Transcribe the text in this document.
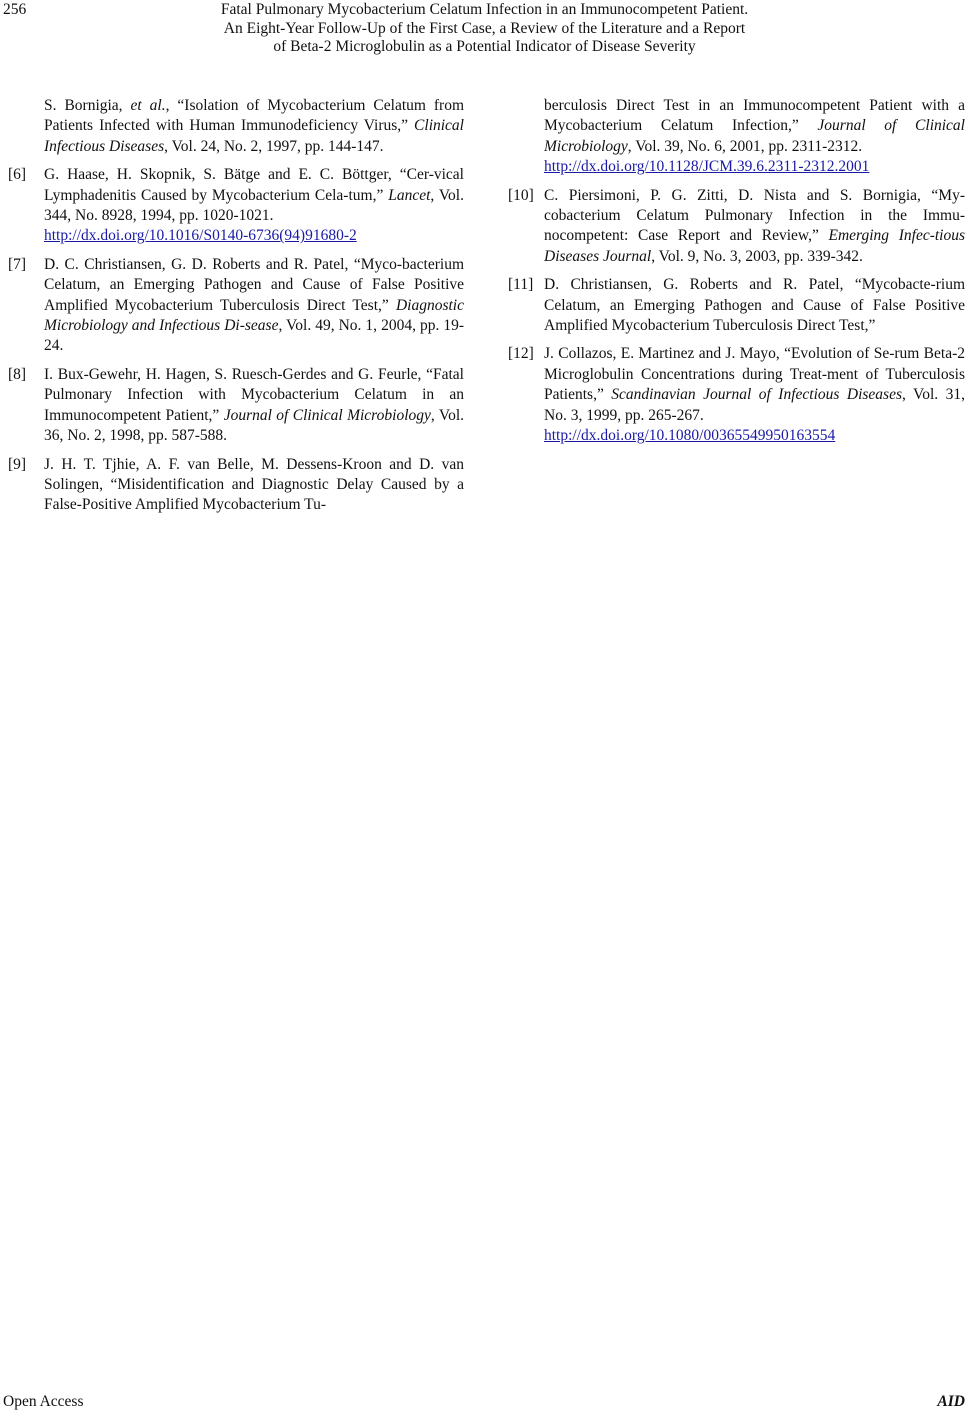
256	Fatal Pulmonary Mycobacterium Celatum Infection in an Immunocompetent Patient.
An Eight-Year Follow-Up of the First Case, a Review of the Literature and a Report
of Beta-2 Microglobulin as a Potential Indicator of Disease Severity
S. Bornigia, et al., “Isolation of Mycobacterium Celatum from Patients Infected with Human Immunodeficiency Virus,” Clinical Infectious Diseases, Vol. 24, No. 2, 1997, pp. 144-147.
[6] G. Haase, H. Skopnik, S. Bätge and E. C. Böttger, “Cer-vical Lymphadenitis Caused by Mycobacterium Cela-tum,” Lancet, Vol. 344, No. 8928, 1994, pp. 1020-1021.
http://dx.doi.org/10.1016/S0140-6736(94)91680-2
[7] D. C. Christiansen, G. D. Roberts and R. Patel, “Myco-bacterium Celatum, an Emerging Pathogen and Cause of False Positive Amplified Mycobacterium Tuberculosis Direct Test,” Diagnostic Microbiology and Infectious Di-sease, Vol. 49, No. 1, 2004, pp. 19-24.
[8] I. Bux-Gewehr, H. Hagen, S. Ruesch-Gerdes and G. Feurle, “Fatal Pulmonary Infection with Mycobacterium Celatum in an Immunocompetent Patient,” Journal of Clinical Microbiology, Vol. 36, No. 2, 1998, pp. 587-588.
[9] J. H. T. Tjhie, A. F. van Belle, M. Dessens-Kroon and D. van Solingen, “Misidentification and Diagnostic Delay Caused by a False-Positive Amplified Mycobacterium Tu-
berculosis Direct Test in an Immunocompetent Patient with a Mycobacterium Celatum Infection,” Journal of Clinical Microbiology, Vol. 39, No. 6, 2001, pp. 2311-2312.
http://dx.doi.org/10.1128/JCM.39.6.2311-2312.2001
[10] C. Piersimoni, P. G. Zitti, D. Nista and S. Bornigia, “My-cobacterium Celatum Pulmonary Infection in the Immu-nocompetent: Case Report and Review,” Emerging Infec-tious Diseases Journal, Vol. 9, No. 3, 2003, pp. 339-342.
[11] D. Christiansen, G. Roberts and R. Patel, “Mycobacte-rium Celatum, an Emerging Pathogen and Cause of False Positive Amplified Mycobacterium Tuberculosis Direct Test,”
[12] J. Collazos, E. Martinez and J. Mayo, “Evolution of Se-rum Beta-2 Microglobulin Concentrations during Treat-ment of Tuberculosis Patients,” Scandinavian Journal of Infectious Diseases, Vol. 31, No. 3, 1999, pp. 265-267.
http://dx.doi.org/10.1080/00365549950163554
Open Access	AID
